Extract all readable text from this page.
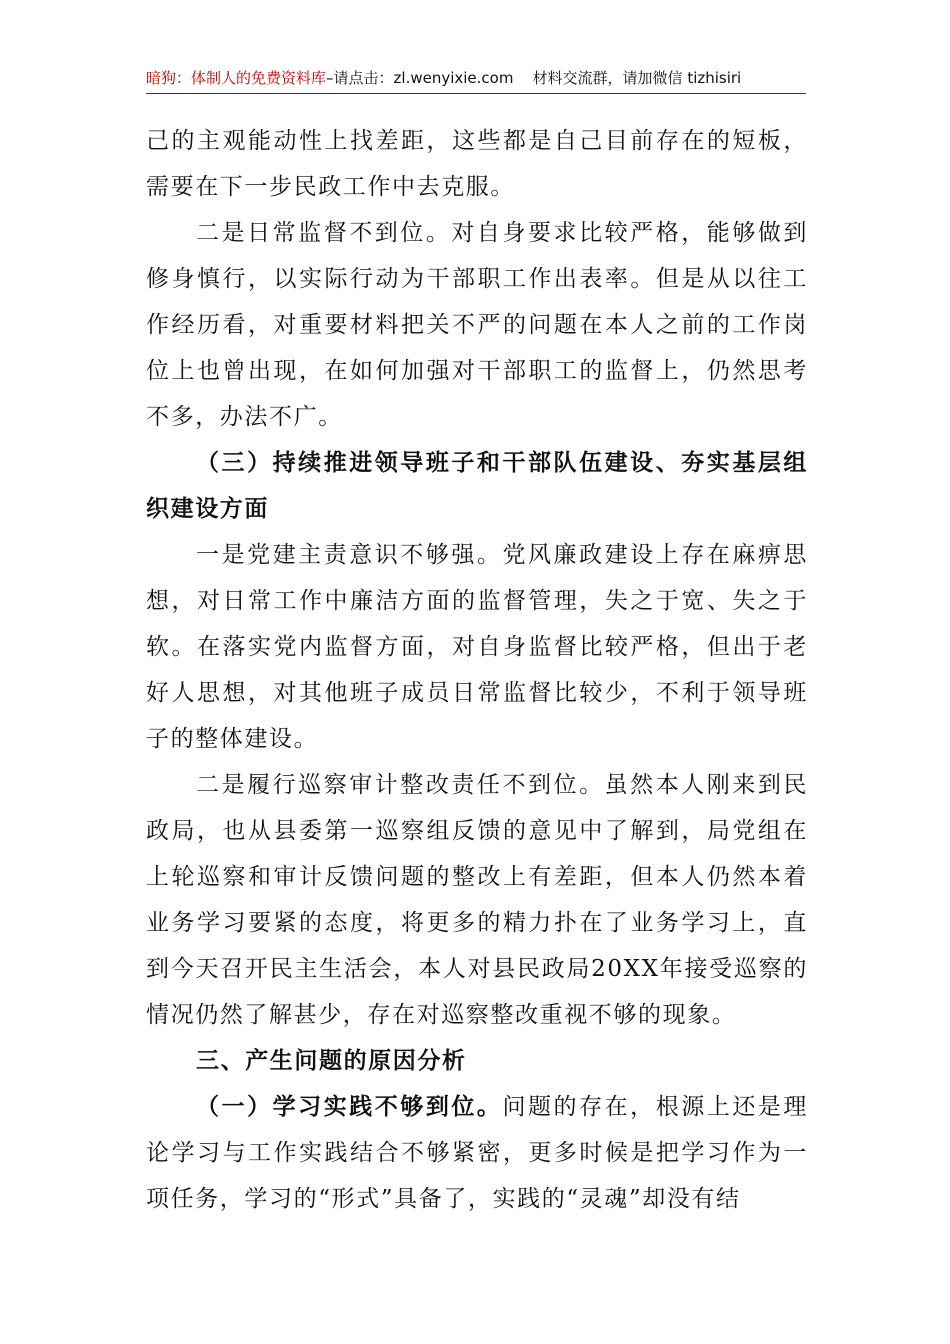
暗狗：体制人的免费资料库–请点击：zl.wenyixie.com 材料交流群，请加微信 tizhisiri

己的主观能动性上找差距，这些都是自己目前存在的短板，需要在下一步民政工作中去克服。

二是日常监督不到位。对自身要求比较严格，能够做到修身慎行，以实际行动为干部职工作出表率。但是从以往工作经历看，对重要材料把关不严的问题在本人之前的工作岗位上也曾出现，在如何加强对干部职工的监督上，仍然思考不多，办法不广。

（三）持续推进领导班子和干部队伍建设、夯实基层组织建设方面

一是党建主责意识不够强。党风廉政建设上存在麻痹思想，对日常工作中廉洁方面的监督管理，失之于宽、失之于软。在落实党内监督方面，对自身监督比较严格，但出于老好人思想，对其他班子成员日常监督比较少，不利于领导班子的整体建设。

二是履行巡察审计整改责任不到位。虽然本人刚来到民政局，也从县委第一巡察组反馈的意见中了解到，局党组在上轮巡察和审计反馈问题的整改上有差距，但本人仍然本着业务学习要紧的态度，将更多的精力扑在了业务学习上，直到今天召开民主生活会，本人对县民政局20XX年接受巡察的情况仍然了解甚少，存在对巡察整改重视不够的现象。

三、产生问题的原因分析

（一）学习实践不够到位。问题的存在，根源上还是理论学习与工作实践结合不够紧密，更多时候是把学习作为一项任务，学习的“形式”具备了，实践的“灵魂”却没有结
